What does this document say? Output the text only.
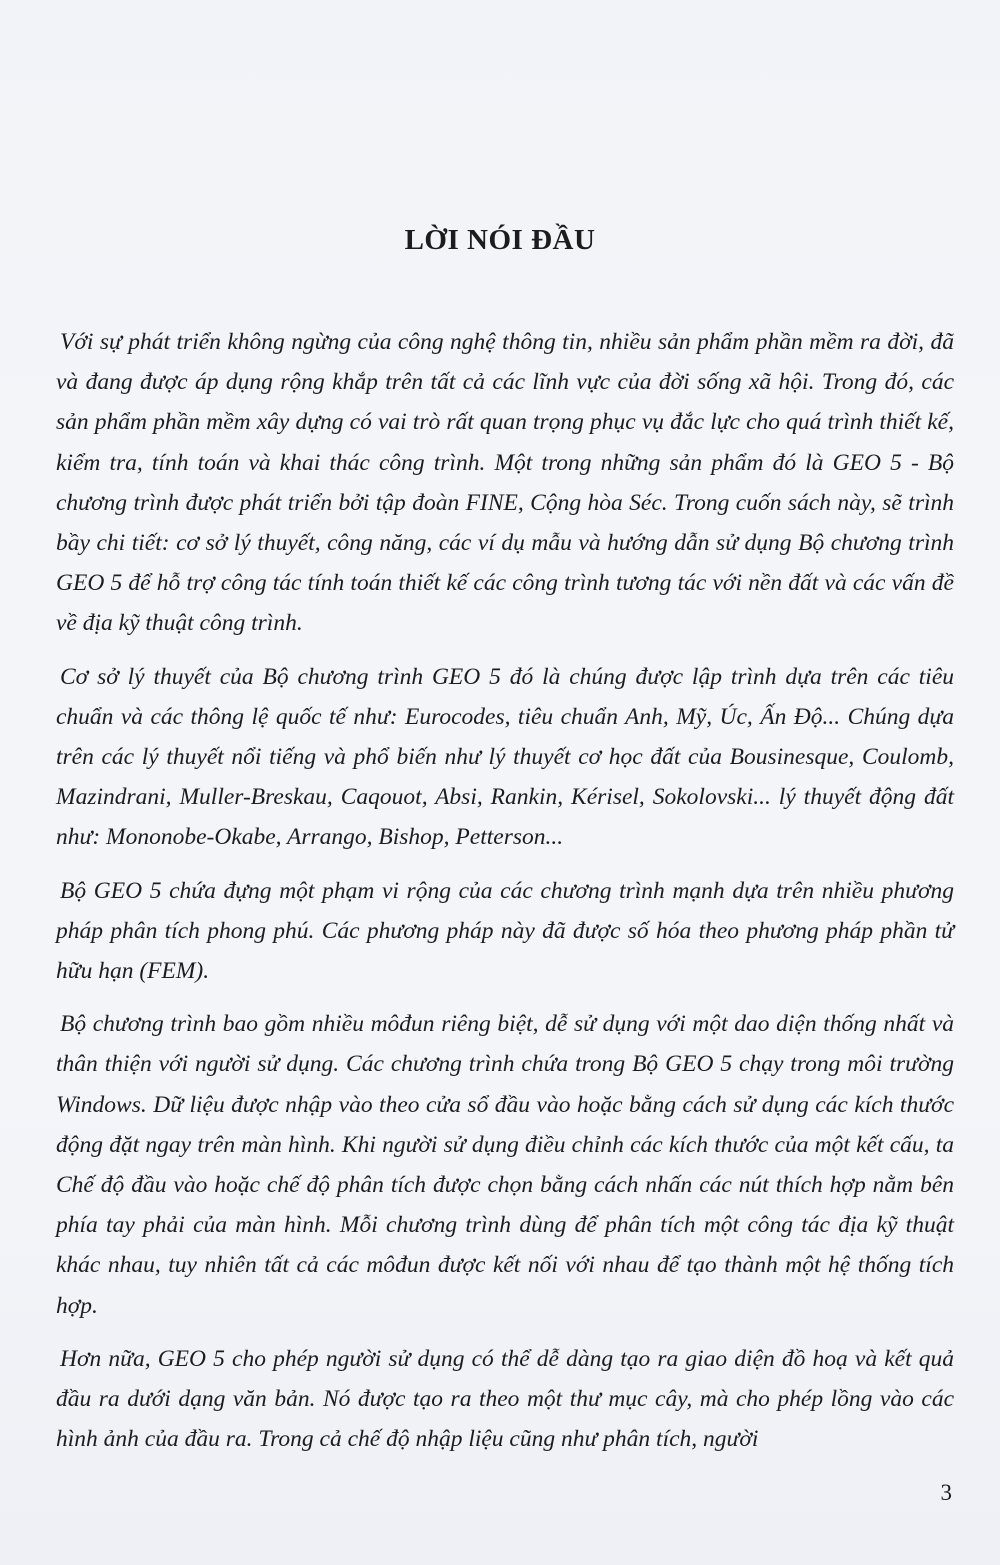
LỜI NÓI ĐẦU

Với sự phát triển không ngừng của công nghệ thông tin, nhiều sản phẩm phần mềm ra đời, đã và đang được áp dụng rộng khắp trên tất cả các lĩnh vực của đời sống xã hội. Trong đó, các sản phẩm phần mềm xây dựng có vai trò rất quan trọng phục vụ đắc lực cho quá trình thiết kế, kiểm tra, tính toán và khai thác công trình. Một trong những sản phẩm đó là GEO 5 - Bộ chương trình được phát triển bởi tập đoàn FINE, Cộng hòa Séc. Trong cuốn sách này, sẽ trình bầy chi tiết: cơ sở lý thuyết, công năng, các ví dụ mẫu và hướng dẫn sử dụng Bộ chương trình GEO 5 để hỗ trợ công tác tính toán thiết kế các công trình tương tác với nền đất và các vấn đề về địa kỹ thuật công trình.

Cơ sở lý thuyết của Bộ chương trình GEO 5 đó là chúng được lập trình dựa trên các tiêu chuẩn và các thông lệ quốc tế như: Eurocodes, tiêu chuẩn Anh, Mỹ, Úc, Ấn Độ... Chúng dựa trên các lý thuyết nổi tiếng và phổ biến như lý thuyết cơ học đất của Bousinesque, Coulomb, Mazindrani, Muller-Breskau, Caqouot, Absi, Rankin, Kérisel, Sokolovski... lý thuyết động đất như: Mononobe-Okabe, Arrango, Bishop, Petterson...

Bộ GEO 5 chứa đựng một phạm vi rộng của các chương trình mạnh dựa trên nhiều phương pháp phân tích phong phú. Các phương pháp này đã được số hóa theo phương pháp phần tử hữu hạn (FEM).

Bộ chương trình bao gồm nhiều môđun riêng biệt, dễ sử dụng với một dao diện thống nhất và thân thiện với người sử dụng. Các chương trình chứa trong Bộ GEO 5 chạy trong môi trường Windows. Dữ liệu được nhập vào theo cửa sổ đầu vào hoặc bằng cách sử dụng các kích thước động đặt ngay trên màn hình. Khi người sử dụng điều chỉnh các kích thước của một kết cấu, ta Chế độ đầu vào hoặc chế độ phân tích được chọn bằng cách nhấn các nút thích hợp nằm bên phía tay phải của màn hình. Mỗi chương trình dùng để phân tích một công tác địa kỹ thuật khác nhau, tuy nhiên tất cả các môđun được kết nối với nhau để tạo thành một hệ thống tích hợp.

Hơn nữa, GEO 5 cho phép người sử dụng có thể dễ dàng tạo ra giao diện đồ hoạ và kết quả đầu ra dưới dạng văn bản. Nó được tạo ra theo một thư mục cây, mà cho phép lồng vào các hình ảnh của đầu ra. Trong cả chế độ nhập liệu cũng như phân tích, người

3
